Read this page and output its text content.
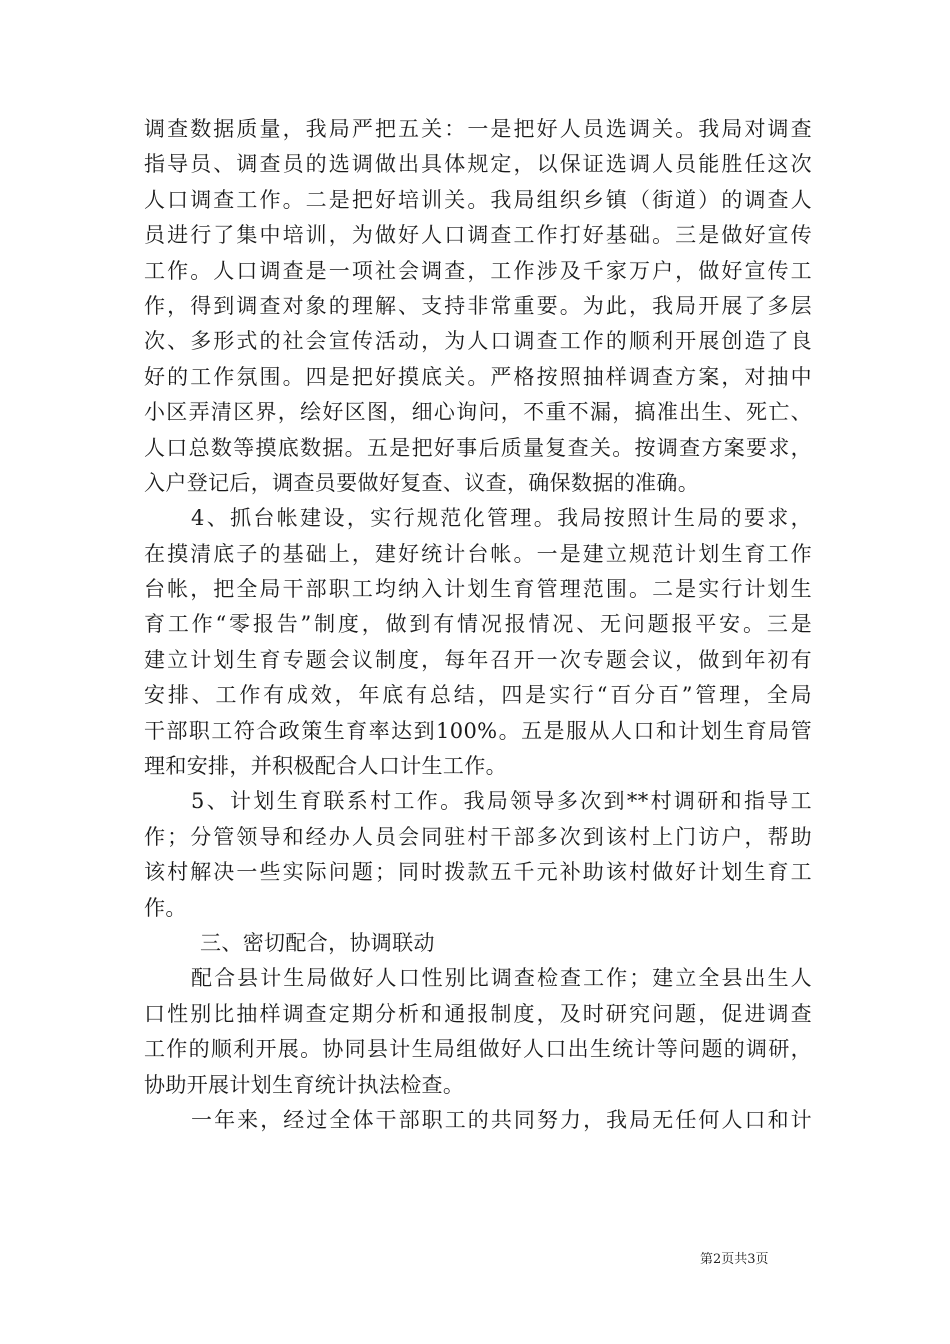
调查数据质量，我局严把五关：一是把好人员选调关。我局对调查
指导员、调查员的选调做出具体规定，以保证选调人员能胜任这次
人口调查工作。二是把好培训关。我局组织乡镇（街道）的调查人
员进行了集中培训，为做好人口调查工作打好基础。三是做好宣传
工作。人口调查是一项社会调查，工作涉及千家万户，做好宣传工
作，得到调查对象的理解、支持非常重要。为此，我局开展了多层
次、多形式的社会宣传活动，为人口调查工作的顺利开展创造了良
好的工作氛围。四是把好摸底关。严格按照抽样调查方案，对抽中
小区弄清区界，绘好区图，细心询问，不重不漏，搞准出生、死亡、
人口总数等摸底数据。五是把好事后质量复查关。按调查方案要求，
入户登记后，调查员要做好复查、议查，确保数据的准确。
4、抓台帐建设，实行规范化管理。我局按照计生局的要求，
在摸清底子的基础上，建好统计台帐。一是建立规范计划生育工作
台帐，把全局干部职工均纳入计划生育管理范围。二是实行计划生
育工作“零报告”制度，做到有情况报情况、无问题报平安。三是
建立计划生育专题会议制度，每年召开一次专题会议，做到年初有
安排、工作有成效，年底有总结，四是实行“百分百”管理，全局
干部职工符合政策生育率达到100%。五是服从人口和计划生育局管
理和安排，并积极配合人口计生工作。
5、计划生育联系村工作。我局领导多次到**村调研和指导工
作；分管领导和经办人员会同驻村干部多次到该村上门访户，帮助
该村解决一些实际问题；同时拨款五千元补助该村做好计划生育工
作。
三、密切配合，协调联动
配合县计生局做好人口性别比调查检查工作；建立全县出生人
口性别比抽样调查定期分析和通报制度，及时研究问题，促进调查
工作的顺利开展。协同县计生局组做好人口出生统计等问题的调研，
协助开展计划生育统计执法检查。
一年来，经过全体干部职工的共同努力，我局无任何人口和计
第2页共3页
